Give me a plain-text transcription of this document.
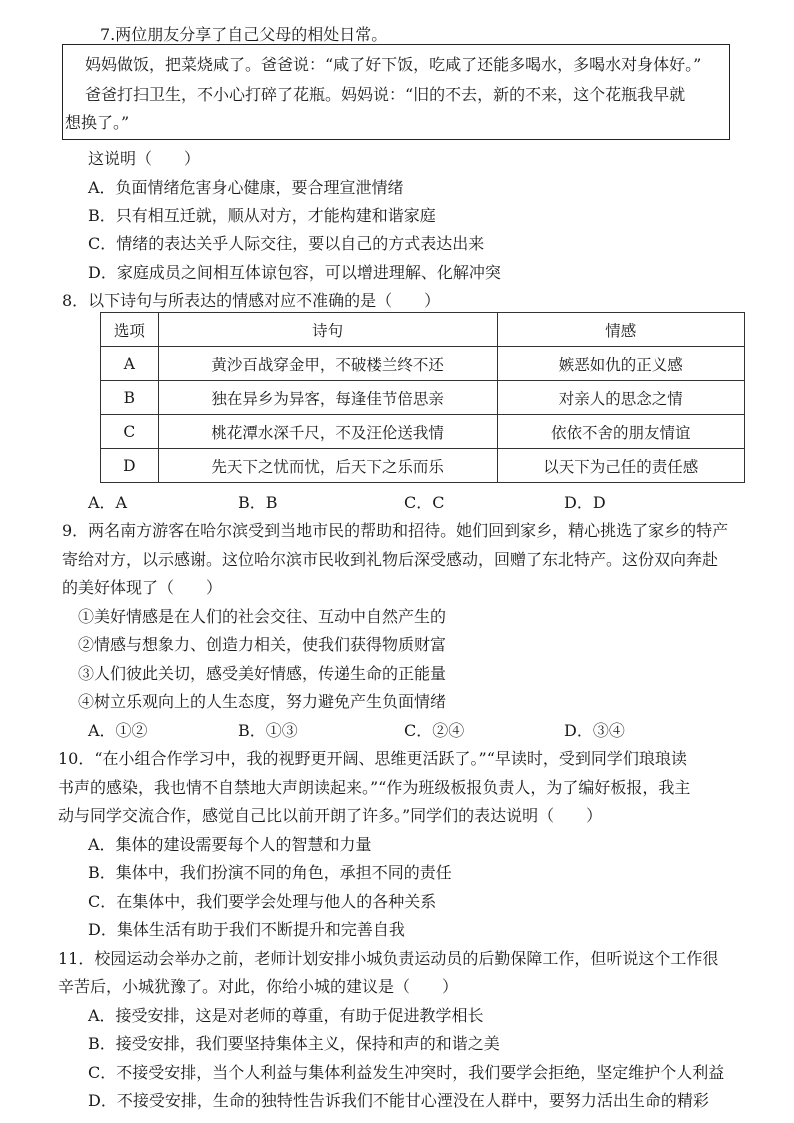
7.两位朋友分享了自己父母的相处日常。

妈妈做饭，把菜烧咸了。爸爸说：“咸了好下饭，吃咸了还能多喝水，多喝水对身体好。”

爸爸打扫卫生，不小心打碎了花瓶。妈妈说：“旧的不去，新的不来，这个花瓶我早就

想换了。”

这说明（　　）
A．负面情绪危害身心健康，要合理宣泄情绪
B．只有相互迁就，顺从对方，才能构建和谐家庭
C．情绪的表达关乎人际交往，要以自己的方式表达出来
D．家庭成员之间相互体谅包容，可以增进理解、化解冲突
8．以下诗句与所表达的情感对应不准确的是（　　）
选项	诗句	情感
A	黄沙百战穿金甲，不破楼兰终不还	嫉恶如仇的正义感
B	独在异乡为异客，每逢佳节倍思亲	对亲人的思念之情
C	桃花潭水深千尺，不及汪伦送我情	依依不舍的朋友情谊
D	先天下之忧而忧，后天下之乐而乐	以天下为己任的责任感
A．A	B．B	C．C	D．D
9．两名南方游客在哈尔滨受到当地市民的帮助和招待。她们回到家乡，精心挑选了家乡的特产
寄给对方，以示感谢。这位哈尔滨市民收到礼物后深受感动，回赠了东北特产。这份双向奔赴
的美好体现了（　　）
①美好情感是在人们的社会交往、互动中自然产生的
②情感与想象力、创造力相关，使我们获得物质财富
③人们彼此关切，感受美好情感，传递生命的正能量
④树立乐观向上的人生态度，努力避免产生负面情绪
A．①②	B．①③	C．②④	D．③④
10．“在小组合作学习中，我的视野更开阔、思维更活跃了。”“早读时，受到同学们琅琅读
书声的感染，我也情不自禁地大声朗读起来。”“作为班级板报负责人，为了编好板报，我主
动与同学交流合作，感觉自己比以前开朗了许多。”同学们的表达说明（　　）
A．集体的建设需要每个人的智慧和力量
B．集体中，我们扮演不同的角色，承担不同的责任
C．在集体中，我们要学会处理与他人的各种关系
D．集体生活有助于我们不断提升和完善自我
11．校园运动会举办之前，老师计划安排小城负责运动员的后勤保障工作，但听说这个工作很
辛苦后，小城犹豫了。对此，你给小城的建议是（　　）
A．接受安排，这是对老师的尊重，有助于促进教学相长
B．接受安排，我们要坚持集体主义，保持和声的和谐之美
C．不接受安排，当个人利益与集体利益发生冲突时，我们要学会拒绝，坚定维护个人利益
D．不接受安排，生命的独特性告诉我们不能甘心湮没在人群中，要努力活出生命的精彩
